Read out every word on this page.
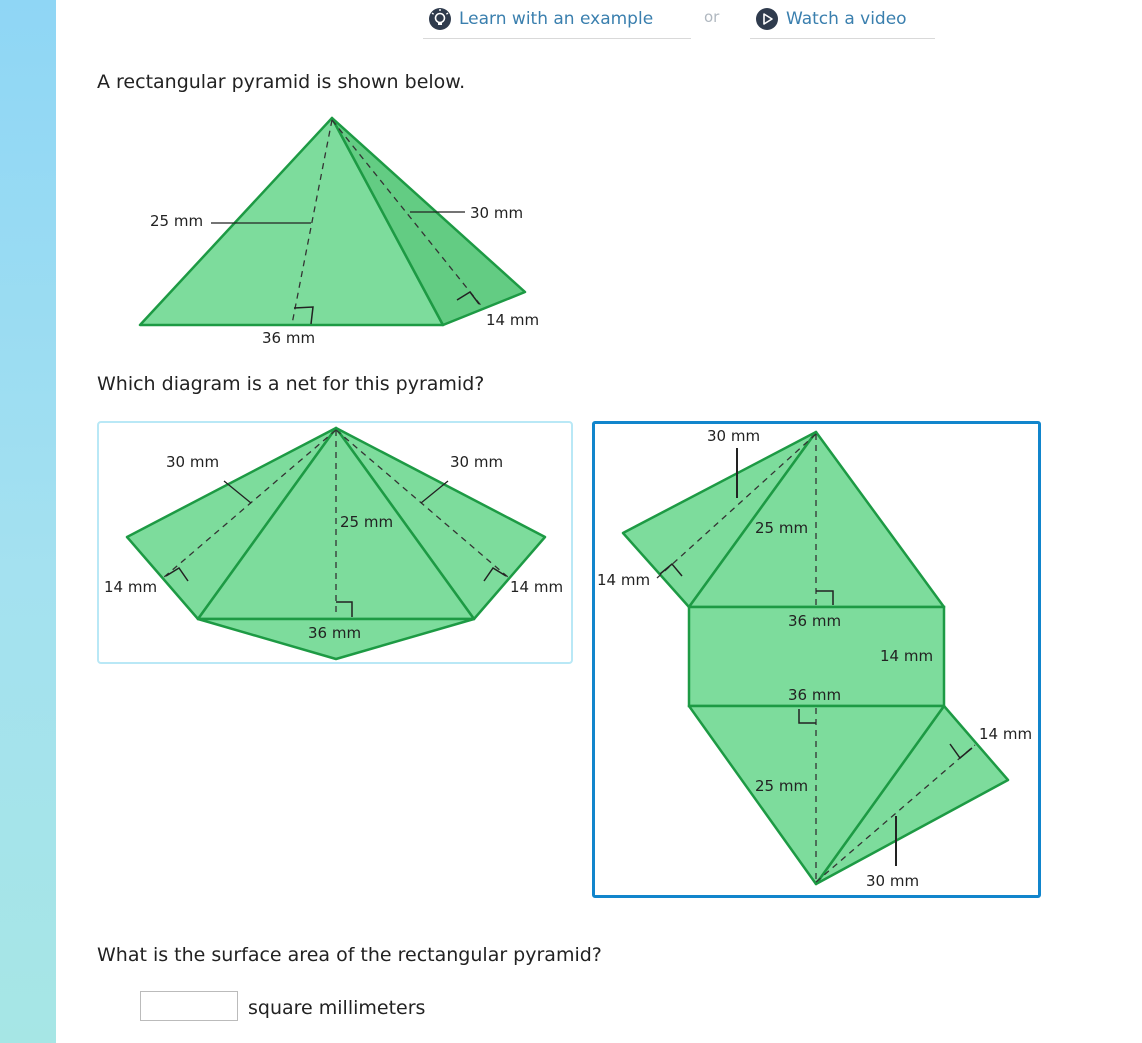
Learn with an example	or	Watch a video
A rectangular pyramid is shown below.
25 mm	30 mm
36 mm
14 mm
Which diagram is a net for this pyramid?
30 mm	30 mm
25 mm
14 mm	14 mm
36 mm
30 mm
25 mm
14 mm
36 mm
14 mm
36 mm
14 mm
25 mm
30 mm
What is the surface area of the rectangular pyramid?
square millimeters
